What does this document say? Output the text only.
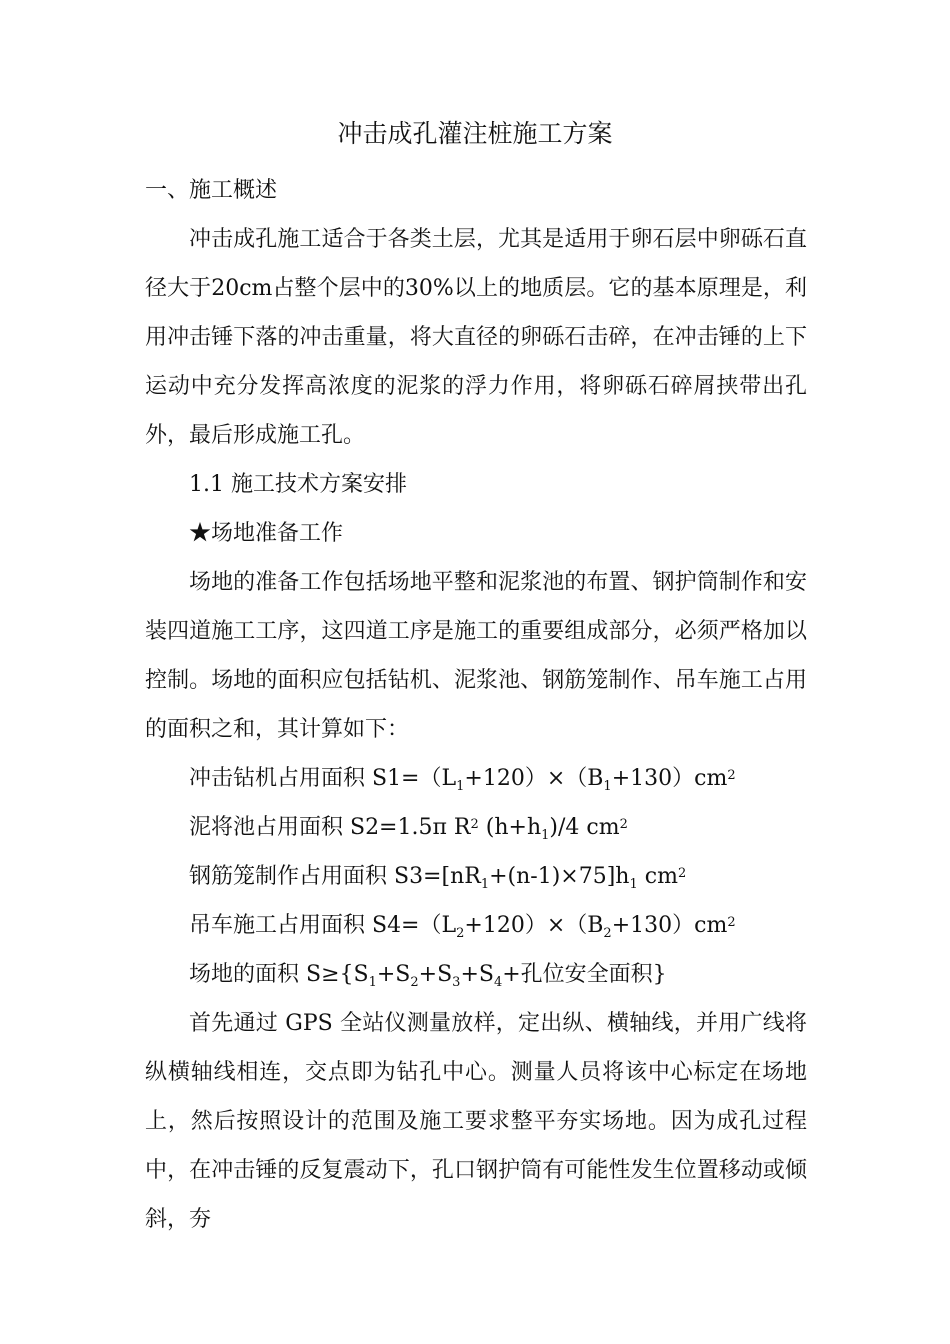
冲击成孔灌注桩施工方案

一、施工概述

冲击成孔施工适合于各类土层，尤其是适用于卵石层中卵砾石直径大于20cm占整个层中的30%以上的地质层。它的基本原理是，利用冲击锤下落的冲击重量，将大直径的卵砾石击碎，在冲击锤的上下运动中充分发挥高浓度的泥浆的浮力作用，将卵砾石碎屑挟带出孔外，最后形成施工孔。

1.1 施工技术方案安排

★场地准备工作

场地的准备工作包括场地平整和泥浆池的布置、钢护筒制作和安装四道施工工序，这四道工序是施工的重要组成部分，必须严格加以控制。场地的面积应包括钻机、泥浆池、钢筋笼制作、吊车施工占用的面积之和，其计算如下：

冲击钻机占用面积 $S1=(L_1+120)\times(B_1+130)cm^2$

泥将池占用面积 S2=1.5π $R^2$ $(h+h_1)/4$ $cm^2$

钢筋笼制作占用面积 $S3=[nR_1+(n-1)\times 75]h_1$ $cm^2$

吊车施工占用面积 $S4=(L_2+120)\times(B_2+130)cm^2$

场地的面积 $S\ge\{S_1+S_2+S_3+S_4+$孔位安全面积}

首先通过 GPS 全站仪测量放样，定出纵、横轴线，并用广线将纵横轴线相连，交点即为钻孔中心。测量人员将该中心标定在场地上，然后按照设计的范围及施工要求整平夯实场地。因为成孔过程中，在冲击锤的反复震动下，孔口钢护筒有可能性发生位置移动或倾斜，夯
